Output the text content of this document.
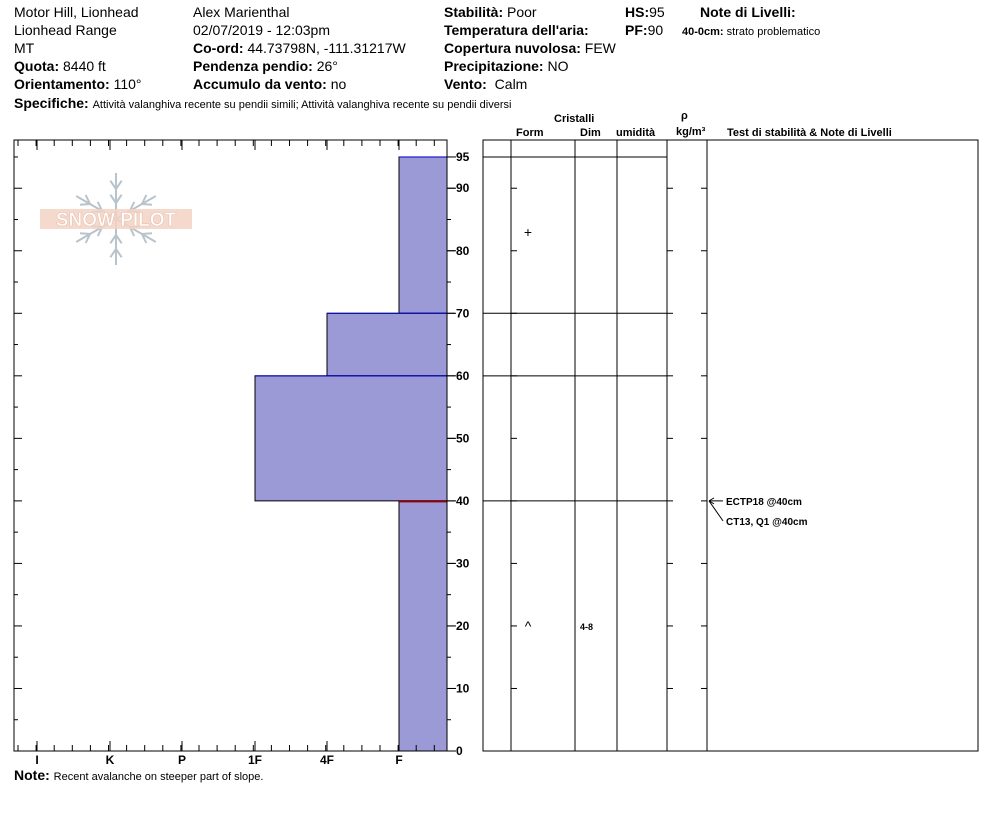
Motor Hill, Lionhead
Lionhead Range
MT
Quota: 8440 ft
Orientamento: 110°
Alex Marienthal
02/07/2019 - 12:03pm
Co-ord: 44.73798N, -111.31217W
Pendenza pendio: 26°
Accumulo da vento: no
Stabilità: Poor
Temperatura dell'aria:
Copertura nuvolosa: FEW
Precipitazione: NO
Vento: Calm
HS:95
PF:90
Note di Livelli:
40-0cm: strato problematico
Specifiche: Attività valanghiva recente su pendii simili; Attività valanghiva recente su pendii diversi
Cristalli
Form	Dim umidità
ρ
kg/m³ Test di stabilità & Note di Livelli
SNOW PILOT
I	K	P	1F	4F	F
0
10
20
30
40
50
60
70
80
90
95
+
^	4-8
ECTP18 @40cm
CT13, Q1 @40cm
Note: Recent avalanche on steeper part of slope.
